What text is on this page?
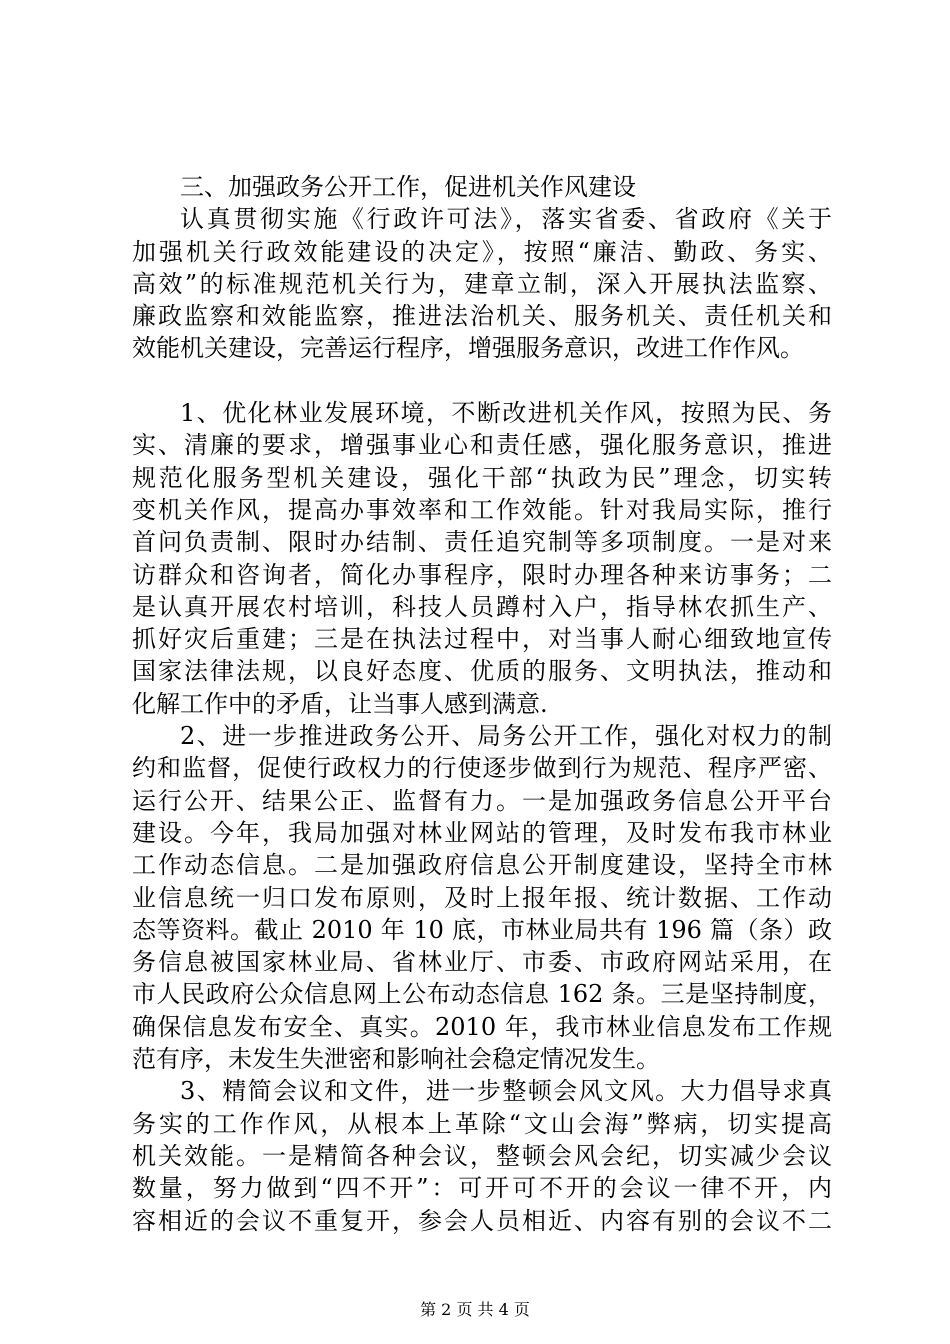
三、加强政务公开工作，促进机关作风建设
认真贯彻实施《行政许可法》，落实省委、省政府《关于
加强机关行政效能建设的决定》，按照“廉洁、勤政、务实、
高效”的标准规范机关行为，建章立制，深入开展执法监察、
廉政监察和效能监察，推进法治机关、服务机关、责任机关和
效能机关建设，完善运行程序，增强服务意识，改进工作作风。
1、优化林业发展环境，不断改进机关作风，按照为民、务
实、清廉的要求，增强事业心和责任感，强化服务意识，推进
规范化服务型机关建设，强化干部“执政为民”理念，切实转
变机关作风，提高办事效率和工作效能。针对我局实际，推行
首问负责制、限时办结制、责任追究制等多项制度。一是对来
访群众和咨询者，简化办事程序，限时办理各种来访事务；二
是认真开展农村培训，科技人员蹲村入户，指导林农抓生产、
抓好灾后重建；三是在执法过程中，对当事人耐心细致地宣传
国家法律法规，以良好态度、优质的服务、文明执法，推动和
化解工作中的矛盾，让当事人感到满意.
2、进一步推进政务公开、局务公开工作，强化对权力的制
约和监督，促使行政权力的行使逐步做到行为规范、程序严密、
运行公开、结果公正、监督有力。一是加强政务信息公开平台
建设。今年，我局加强对林业网站的管理，及时发布我市林业
工作动态信息。二是加强政府信息公开制度建设，坚持全市林
业信息统一归口发布原则，及时上报年报、统计数据、工作动
态等资料。截止 2010 年 10 底，市林业局共有 196 篇（条）政
务信息被国家林业局、省林业厅、市委、市政府网站采用，在
市人民政府公众信息网上公布动态信息 162 条。三是坚持制度，
确保信息发布安全、真实。2010 年，我市林业信息发布工作规
范有序，未发生失泄密和影响社会稳定情况发生。
3、精简会议和文件，进一步整顿会风文风。大力倡导求真
务实的工作作风，从根本上革除“文山会海”弊病，切实提高
机关效能。一是精简各种会议，整顿会风会纪，切实减少会议
数量，努力做到“四不开”：可开可不开的会议一律不开，内
容相近的会议不重复开，参会人员相近、内容有别的会议不二
第 2 页 共 4 页
